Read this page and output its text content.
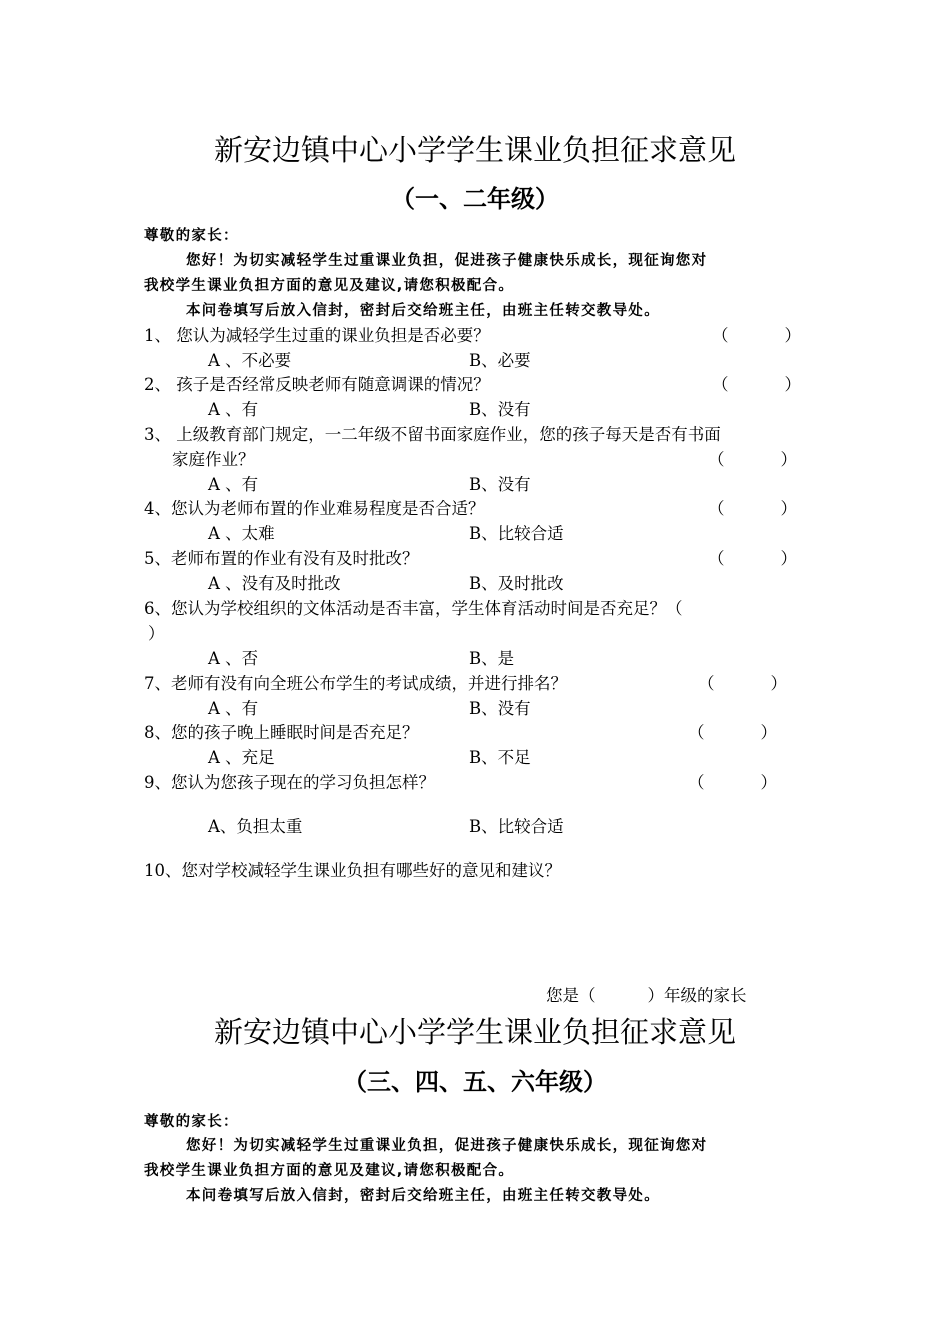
新安边镇中心小学学生课业负担征求意见
（一、二年级）
尊敬的家长：
您好！为切实减轻学生过重课业负担，促进孩子健康快乐成长，现征询您对
我校学生课业负担方面的意见及建议,请您积极配合。
本问卷填写后放入信封，密封后交给班主任，由班主任转交教导处。
1、 您认为减轻学生过重的课业负担是否必要？	（	）
A 、不必要	B、必要
2、 孩子是否经常反映老师有随意调课的情况？	（	）
A 、有	B、没有
3、 上级教育部门规定，一二年级不留书面家庭作业，您的孩子每天是否有书面
家庭作业？	（	）
A 、有	B、没有
4、您认为老师布置的作业难易程度是否合适？	（	）
A 、太难	B、比较合适
5、老师布置的作业有没有及时批改？	（	）
A 、没有及时批改	B、及时批改
6、您认为学校组织的文体活动是否丰富，学生体育活动时间是否充足？（
）
A 、否	B、是
7、老师有没有向全班公布学生的考试成绩，并进行排名？	（	）
A 、有	B、没有
8、您的孩子晚上睡眠时间是否充足？	（	）
A 、充足	B、不足
9、您认为您孩子现在的学习负担怎样？	（	）
A、负担太重	B、比较合适
10、您对学校减轻学生课业负担有哪些好的意见和建议？
您是（	）年级的家长
新安边镇中心小学学生课业负担征求意见
（三、四、五、六年级）
尊敬的家长：
您好！为切实减轻学生过重课业负担，促进孩子健康快乐成长，现征询您对
我校学生课业负担方面的意见及建议,请您积极配合。
本问卷填写后放入信封，密封后交给班主任，由班主任转交教导处。
